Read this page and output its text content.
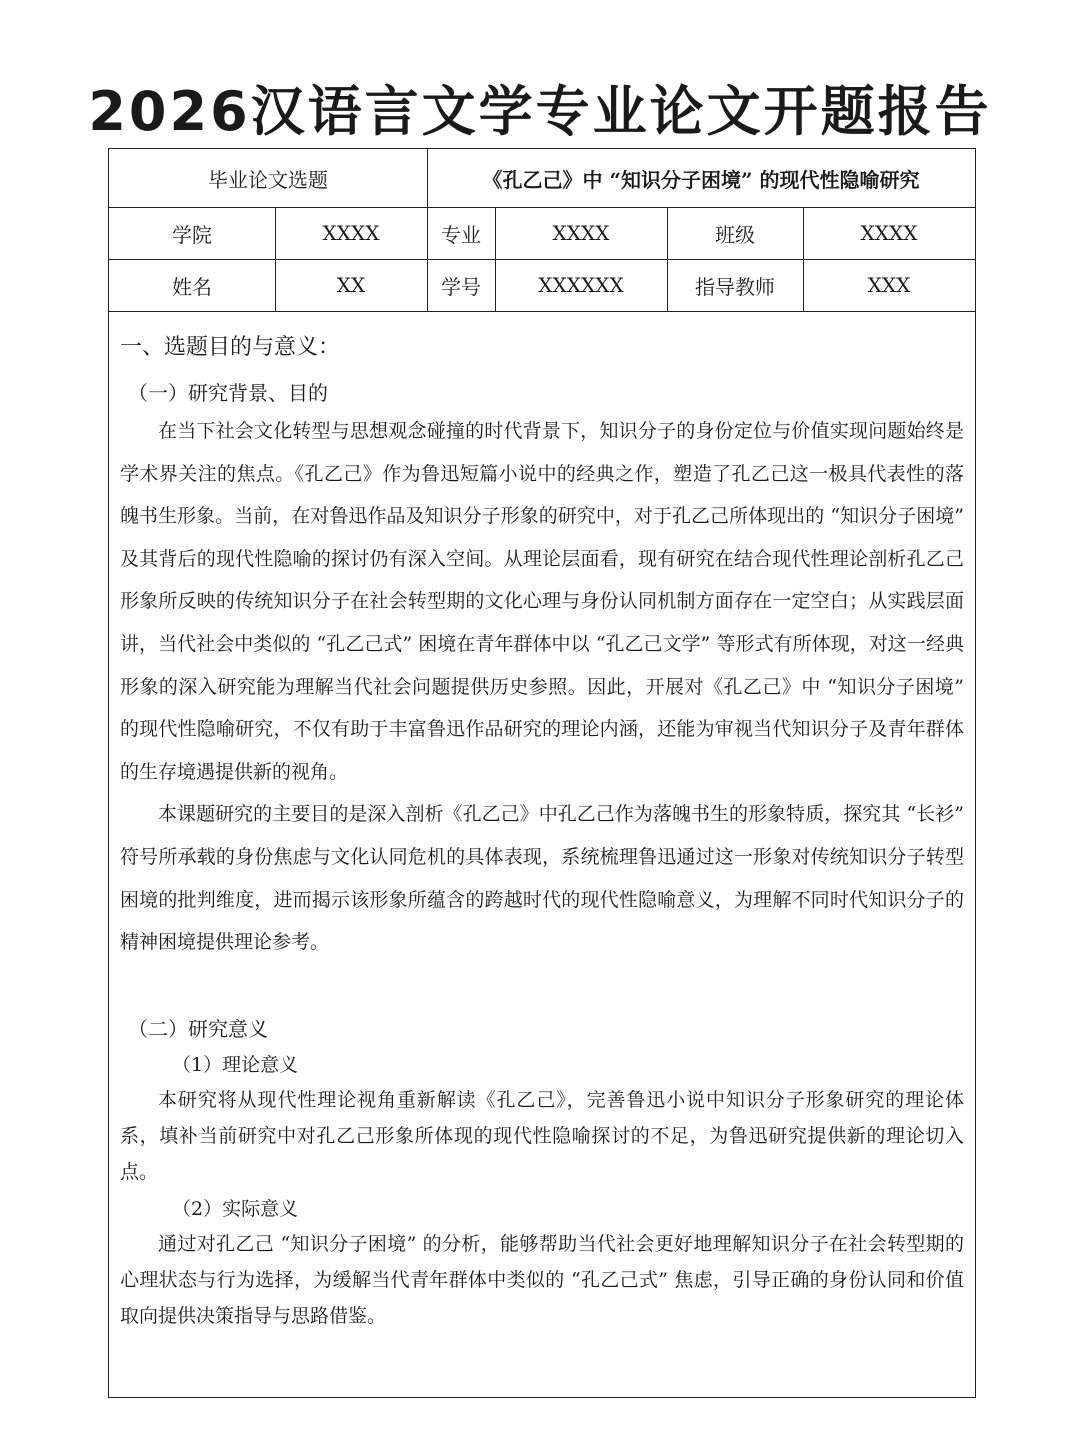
2026汉语言文学专业论文开题报告
毕业论文选题	《孔乙己》中 “知识分子困境” 的现代性隐喻研究
学院	XXXX	专业	XXXX	班级	XXXX
姓名	XX	学号	XXXXXX	指导教师	XXX
一、选题目的与意义：
（一）研究背景、目的

在当下社会文化转型与思想观念碰撞的时代背景下，知识分子的身份定位与价值实现问题始终是学术界关注的焦点。《孔乙己》作为鲁迅短篇小说中的经典之作，塑造了孔乙己这一极具代表性的落魄书生形象。当前，在对鲁迅作品及知识分子形象的研究中，对于孔乙己所体现出的 “知识分子困境” 及其背后的现代性隐喻的探讨仍有深入空间。从理论层面看，现有研究在结合现代性理论剖析孔乙己形象所反映的传统知识分子在社会转型期的文化心理与身份认同机制方面存在一定空白；从实践层面讲，当代社会中类似的 “孔乙己式” 困境在青年群体中以 “孔乙己文学” 等形式有所体现，对这一经典形象的深入研究能为理解当代社会问题提供历史参照。因此，开展对《孔乙己》中 “知识分子困境” 的现代性隐喻研究，不仅有助于丰富鲁迅作品研究的理论内涵，还能为审视当代知识分子及青年群体的生存境遇提供新的视角。

本课题研究的主要目的是深入剖析《孔乙己》中孔乙己作为落魄书生的形象特质，探究其 “长衫” 符号所承载的身份焦虑与文化认同危机的具体表现，系统梳理鲁迅通过这一形象对传统知识分子转型困境的批判维度，进而揭示该形象所蕴含的跨越时代的现代性隐喻意义，为理解不同时代知识分子的精神困境提供理论参考。

（二）研究意义
（1）理论意义

本研究将从现代性理论视角重新解读《孔乙己》，完善鲁迅小说中知识分子形象研究的理论体系，填补当前研究中对孔乙己形象所体现的现代性隐喻探讨的不足，为鲁迅研究提供新的理论切入点。

（2）实际意义

通过对孔乙己 “知识分子困境” 的分析，能够帮助当代社会更好地理解知识分子在社会转型期的心理状态与行为选择，为缓解当代青年群体中类似的 “孔乙己式” 焦虑，引导正确的身份认同和价值取向提供决策指导与思路借鉴。
